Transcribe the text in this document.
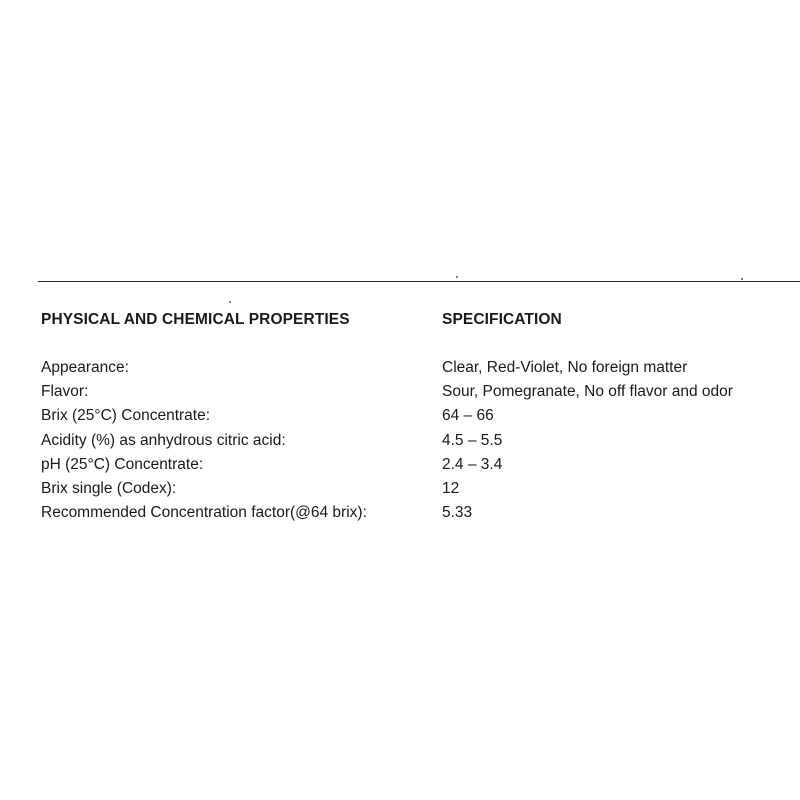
PHYSICAL AND CHEMICAL PROPERTIES	SPECIFICATION
Appearance:	Clear, Red-Violet, No foreign matter
Flavor:	Sour, Pomegranate, No off flavor and odor
Brix (25°C) Concentrate:	64 – 66
Acidity (%) as anhydrous citric acid:	4.5 – 5.5
pH (25°C) Concentrate:	2.4 – 3.4
Brix single (Codex):	12
Recommended Concentration factor(@64 brix):	5.33
